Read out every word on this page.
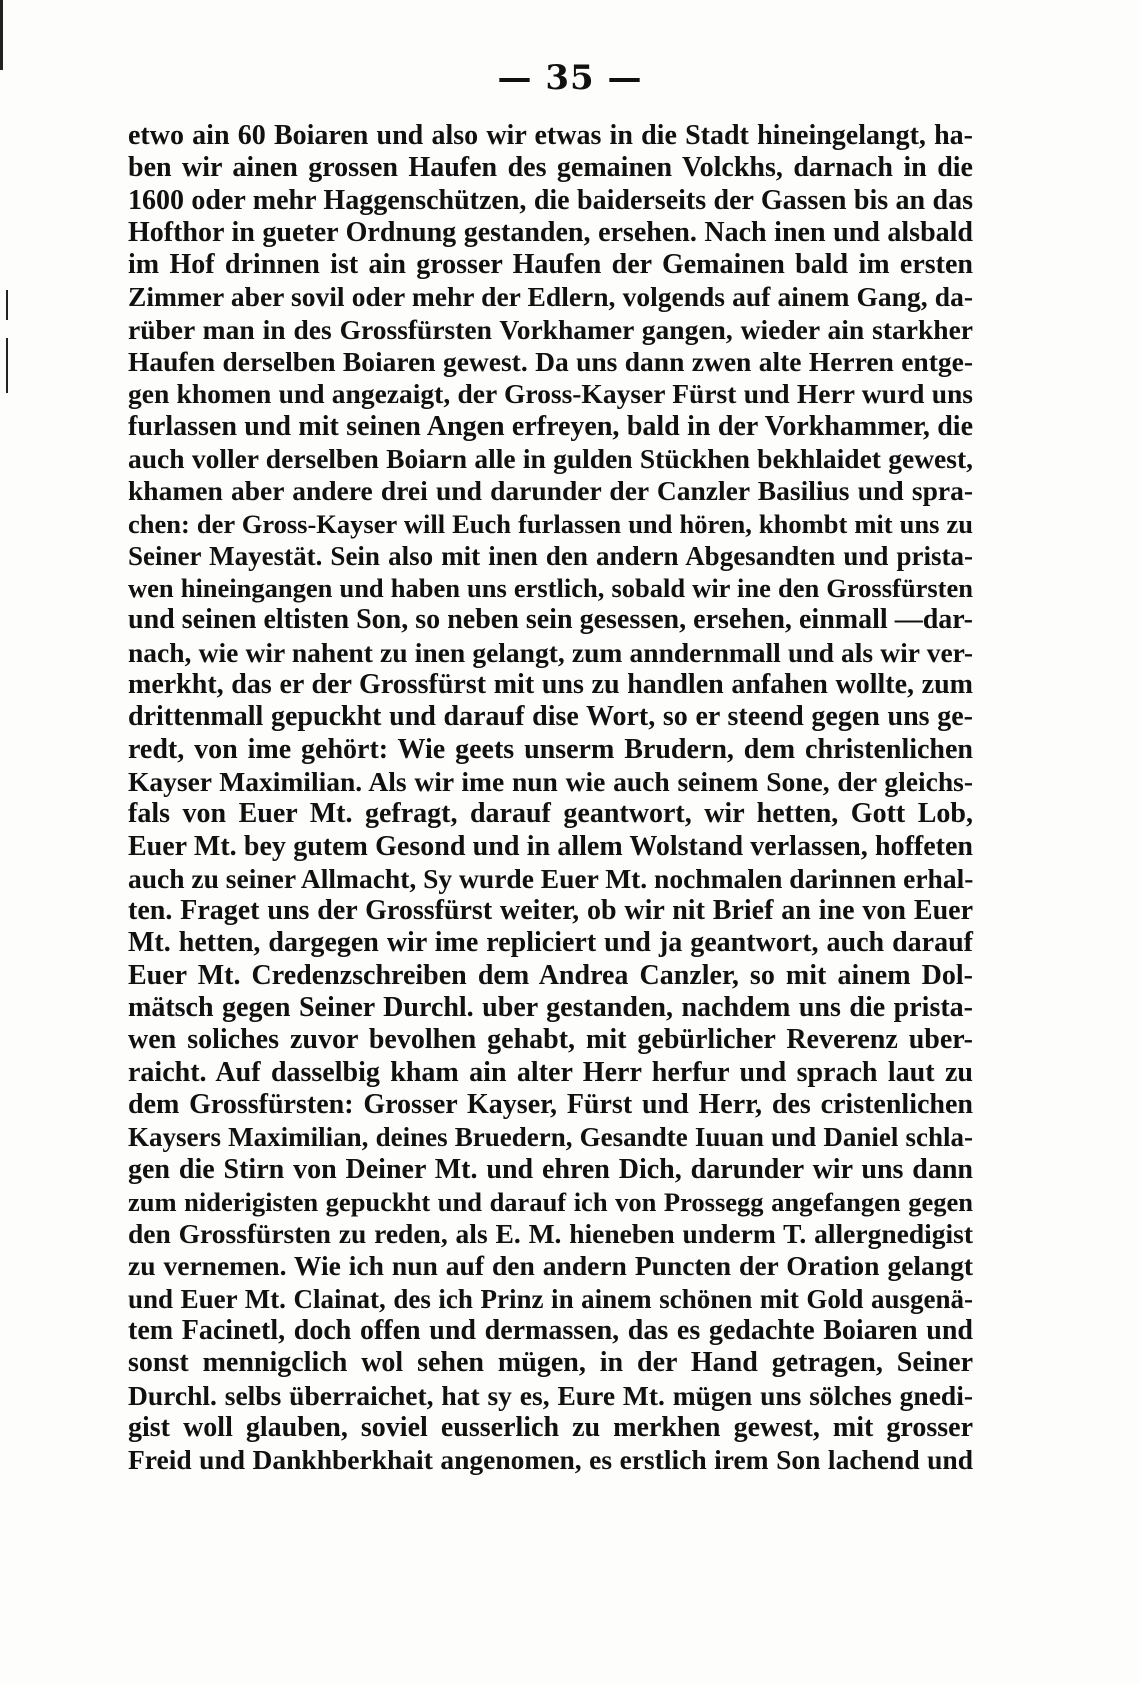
— 35 —
etwo ain 60 Boiaren und also wir etwas in die Stadt hineingelangt, ha-
ben wir ainen grossen Haufen des gemainen Volckhs, darnach in die
1600 oder mehr Haggenschützen, die baiderseits der Gassen bis an das
Hofthor in gueter Ordnung gestanden, ersehen. Nach inen und alsbald
im Hof drinnen ist ain grosser Haufen der Gemainen bald im ersten
Zimmer aber sovil oder mehr der Edlern, volgends auf ainem Gang, da-
rüber man in des Grossfürsten Vorkhamer gangen, wieder ain starkher
Haufen derselben Boiaren gewest. Da uns dann zwen alte Herren entge-
gen khomen und angezaigt, der Gross-Kayser Fürst und Herr wurd uns
furlassen und mit seinen Angen erfreyen, bald in der Vorkhammer, die
auch voller derselben Boiarn alle in gulden Stückhen bekhlaidet gewest,
khamen aber andere drei und darunder der Canzler Basilius und spra-
chen: der Gross-Kayser will Euch furlassen und hören, khombt mit uns zu
Seiner Mayestät. Sein also mit inen den andern Abgesandten und prista-
wen hineingangen und haben uns erstlich, sobald wir ine den Grossfürsten
und seinen eltisten Son, so neben sein gesessen, ersehen, einmall —dar-
nach, wie wir nahent zu inen gelangt, zum anndernmall und als wir ver-
merkht, das er der Grossfürst mit uns zu handlen anfahen wollte, zum
drittenmall gepuckht und darauf dise Wort, so er steend gegen uns ge-
redt, von ime gehört: Wie geets unserm Brudern, dem christenlichen
Kayser Maximilian. Als wir ime nun wie auch seinem Sone, der gleichs-
fals von Euer Mt. gefragt, darauf geantwort, wir hetten, Gott Lob,
Euer Mt. bey gutem Gesond und in allem Wolstand verlassen, hoffeten
auch zu seiner Allmacht, Sy wurde Euer Mt. nochmalen darinnen erhal-
ten. Fraget uns der Grossfürst weiter, ob wir nit Brief an ine von Euer
Mt. hetten, dargegen wir ime repliciert und ja geantwort, auch darauf
Euer Mt. Credenzschreiben dem Andrea Canzler, so mit ainem Dol-
mätsch gegen Seiner Durchl. uber gestanden, nachdem uns die prista-
wen soliches zuvor bevolhen gehabt, mit gebürlicher Reverenz uber-
raicht. Auf dasselbig kham ain alter Herr herfur und sprach laut zu
dem Grossfürsten: Grosser Kayser, Fürst und Herr, des cristenlichen
Kaysers Maximilian, deines Bruedern, Gesandte Iuuan und Daniel schla-
gen die Stirn von Deiner Mt. und ehren Dich, darunder wir uns dann
zum niderigisten gepuckht und darauf ich von Prossegg angefangen gegen
den Grossfürsten zu reden, als E. M. hieneben underm T. allergnedigist
zu vernemen. Wie ich nun auf den andern Puncten der Oration gelangt
und Euer Mt. Clainat, des ich Prinz in ainem schönen mit Gold ausgenä-
tem Facinetl, doch offen und dermassen, das es gedachte Boiaren und
sonst mennigclich wol sehen mügen, in der Hand getragen, Seiner
Durchl. selbs überraichet, hat sy es, Eure Mt. mügen uns sölches gnedi-
gist woll glauben, soviel eusserlich zu merkhen gewest, mit grosser
Freid und Dankhberkhait angenomen, es erstlich irem Son lachend und
